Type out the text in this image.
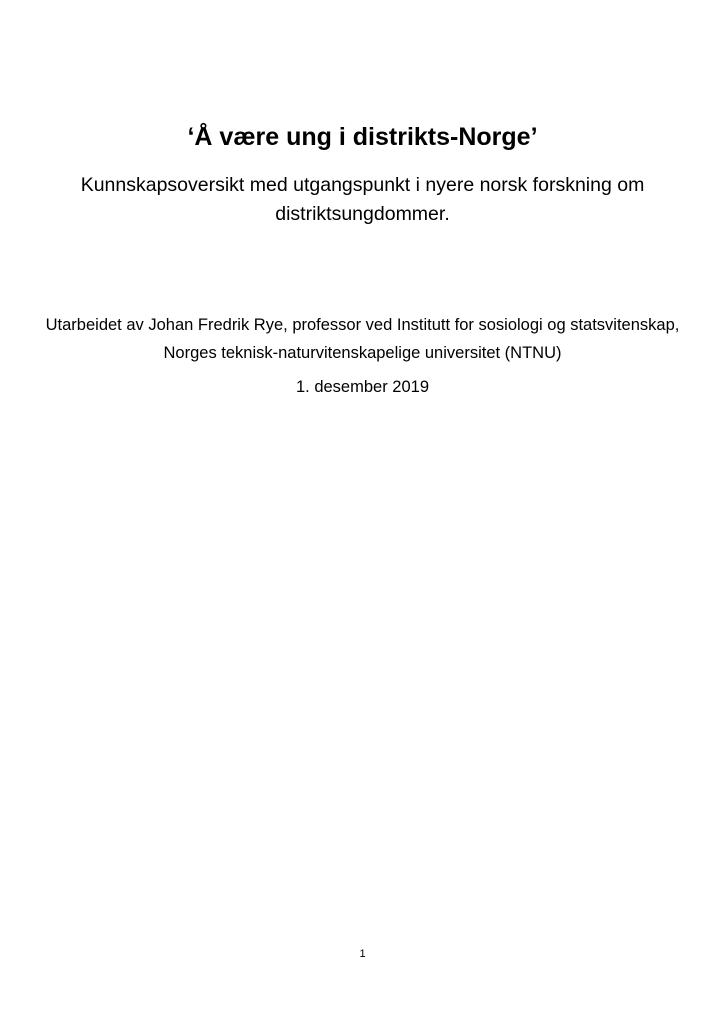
‘Å være ung i distrikts-Norge’

Kunnskapsoversikt med utgangspunkt i nyere norsk forskning om distriktsungdommer.

Utarbeidet av Johan Fredrik Rye, professor ved Institutt for sosiologi og statsvitenskap, Norges teknisk-naturvitenskapelige universitet (NTNU)

1. desember 2019

1
